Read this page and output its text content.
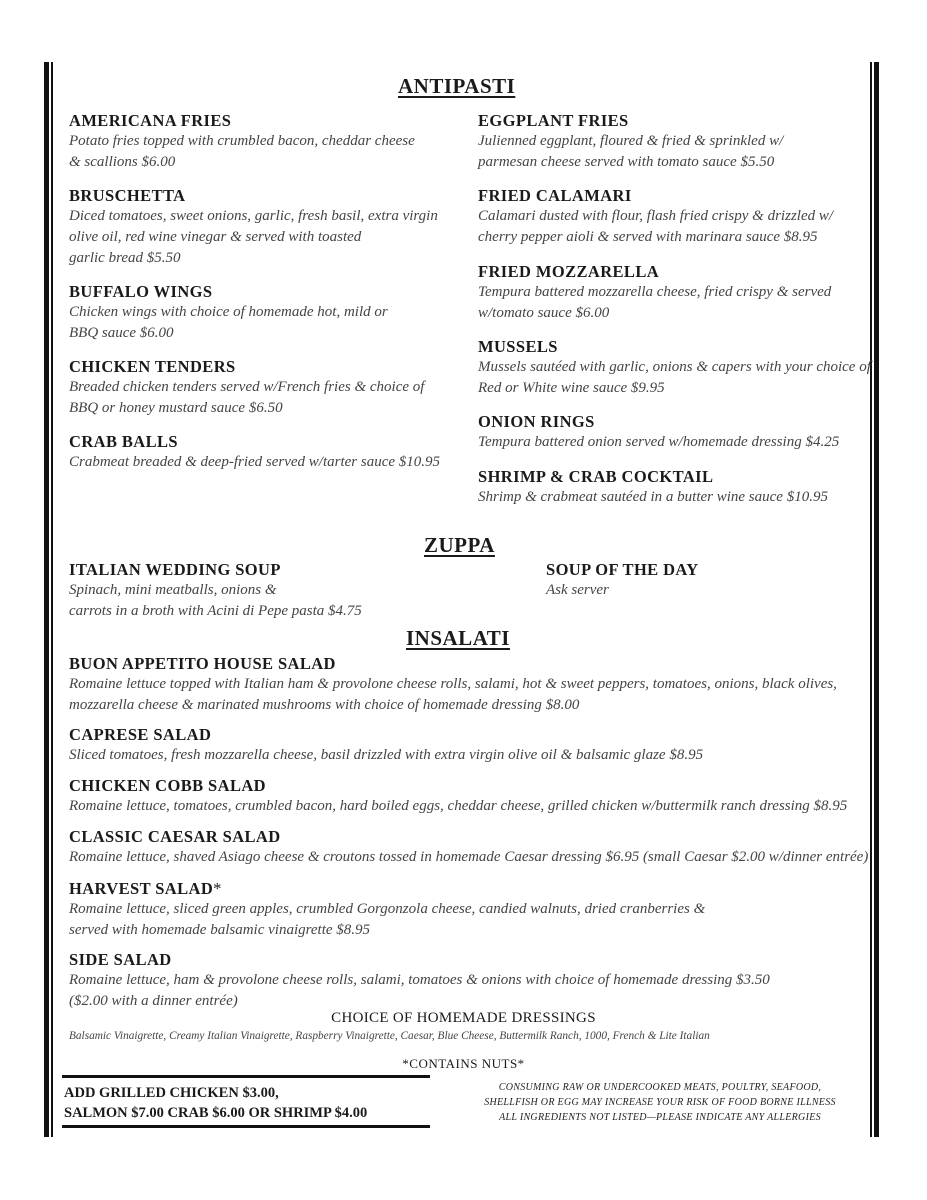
ANTIPASTI
AMERICANA FRIES
Potato fries topped with crumbled bacon, cheddar cheese
& scallions $6.00
BRUSCHETTA
Diced tomatoes, sweet onions, garlic, fresh basil, extra virgin
olive oil, red wine vinegar & served with toasted
garlic bread $5.50
BUFFALO WINGS
Chicken wings with choice of homemade hot, mild or
BBQ sauce $6.00
CHICKEN TENDERS
Breaded chicken tenders served w/French fries & choice of
BBQ or honey mustard sauce $6.50
CRAB BALLS
Crabmeat breaded & deep-fried served w/tarter sauce $10.95
EGGPLANT FRIES
Julienned eggplant, floured & fried & sprinkled w/
parmesan cheese served with tomato sauce $5.50
FRIED CALAMARI
Calamari dusted with flour, flash fried crispy & drizzled w/
cherry pepper aioli & served with marinara sauce $8.95
FRIED MOZZARELLA
Tempura battered mozzarella cheese, fried crispy & served
w/tomato sauce $6.00
MUSSELS
Mussels sautéed with garlic, onions & capers with your choice of
Red or White wine sauce $9.95
ONION RINGS
Tempura battered onion served w/homemade dressing $4.25
SHRIMP & CRAB COCKTAIL
Shrimp & crabmeat sautéed in a butter wine sauce $10.95
ZUPPA
ITALIAN WEDDING SOUP
Spinach, mini meatballs, onions &
carrots in a broth with Acini di Pepe pasta $4.75
SOUP OF THE DAY
Ask server
INSALATI
BUON APPETITO HOUSE SALAD
Romaine lettuce topped with Italian ham & provolone cheese rolls, salami, hot & sweet peppers, tomatoes, onions, black olives,
mozzarella cheese & marinated mushrooms with choice of homemade dressing $8.00
CAPRESE SALAD
Sliced tomatoes, fresh mozzarella cheese, basil drizzled with extra virgin olive oil & balsamic glaze $8.95
CHICKEN COBB SALAD
Romaine lettuce, tomatoes, crumbled bacon, hard boiled eggs, cheddar cheese, grilled chicken w/buttermilk ranch dressing $8.95
CLASSIC CAESAR SALAD
Romaine lettuce, shaved Asiago cheese & croutons tossed in homemade Caesar dressing $6.95 (small Caesar $2.00 w/dinner entrée)
HARVEST SALAD*
Romaine lettuce, sliced green apples, crumbled Gorgonzola cheese, candied walnuts, dried cranberries &
served with homemade balsamic vinaigrette $8.95
SIDE SALAD
Romaine lettuce, ham & provolone cheese rolls, salami, tomatoes & onions with choice of homemade dressing $3.50
($2.00 with a dinner entrée)
CHOICE OF HOMEMADE DRESSINGS
Balsamic Vinaigrette, Creamy Italian Vinaigrette, Raspberry Vinaigrette, Caesar, Blue Cheese, Buttermilk Ranch, 1000, French & Lite Italian
*CONTAINS NUTS*
ADD GRILLED CHICKEN $3.00,
SALMON $7.00 CRAB $6.00 OR SHRIMP $4.00
CONSUMING RAW OR UNDERCOOKED MEATS, POULTRY, SEAFOOD,
SHELLFISH OR EGG MAY INCREASE YOUR RISK OF FOOD BORNE ILLNESS
ALL INGREDIENTS NOT LISTED—PLEASE INDICATE ANY ALLERGIES
